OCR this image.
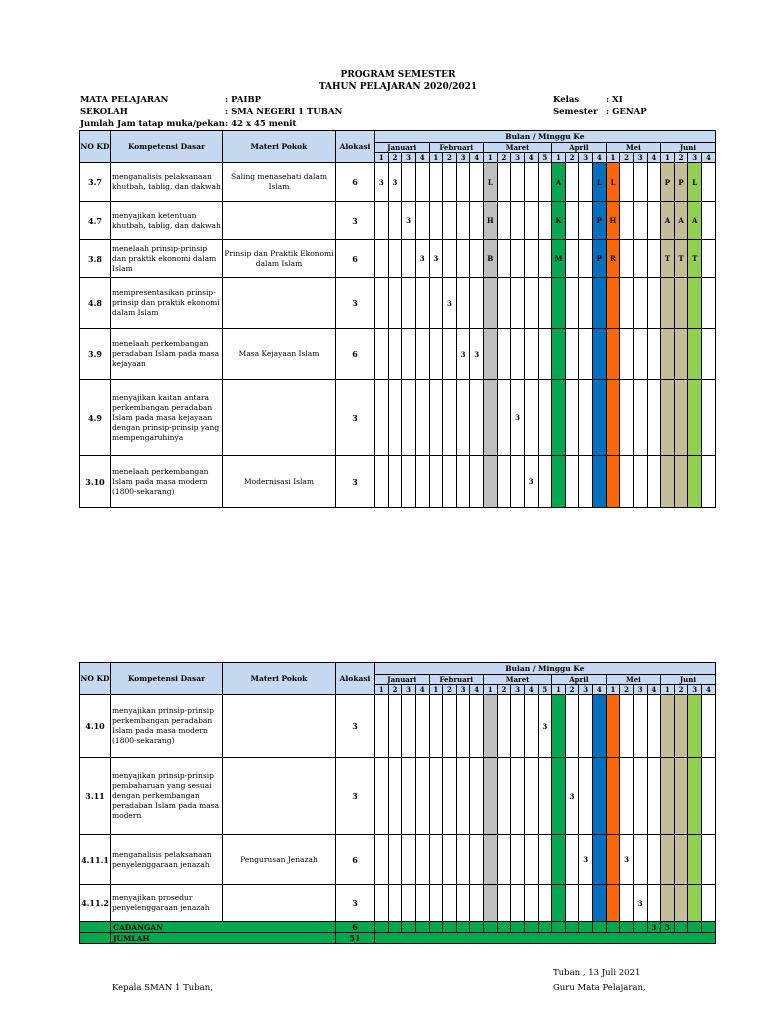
PROGRAM SEMESTER
TAHUN PELAJARAN 2020/2021
MATA PELAJARAN	: PAIBP
SEKOLAH	: SMA NEGERI 1 TUBAN
Jumlah Jam tatap muka/pekan : 42 x 45 menit
Kelas	: XI
Semester : GENAP
NO KD	Kompetensi Dasar	Materi Pokok	Alokasi	Bulan / Minggu Ke																								
				Januari				Februari				Maret					April				Mei				Juni			
				1	2	3	4	1	2	3	4	1	2	3	4	5	1	2	3	4	1	2	3	4	1	2	3	4
3.7	menganalisis pelaksanaan khutbah, tablig, dan dakwah	Saling menasehati dalam Islam	6	3	3							L					A			L	L				P	P	L	
4.7	menyajikan ketentuan khutbah, tablig, dan dakwah		3			3						H					K			P	H				A	A	A	
3.8	menelaah prinsip-prinsip dan praktik ekonomi dalam Islam	Prinsip dan Praktik Ekonomi dalam Islam	6				3	3				B					M			P	R				T	T	T	
4.8	mempresentasikan prinsip-prinsip dan praktik ekonomi dalam Islam		3						3																			
3.9	menelaah perkembangan peradaban Islam pada masa kejayaan	Masa Kejayaan Islam	6							3	3																	
4.9	menyajikan kaitan antara perkembangan peradaban Islam pada masa kejayaan dengan prinsip-prinsip yang mempengaruhinya		3											3														
3.10	menelaah perkembangan Islam pada masa modern (1800-sekarang)	Modernisasi Islam	3												3													
NO KD	Kompetensi Dasar	Materi Pokok	Alokasi	Bulan / Minggu Ke																								
				Januari				Februari				Maret					April				Mei				Juni			
				1	2	3	4	1	2	3	4	1	2	3	4	5	1	2	3	4	1	2	3	4	1	2	3	4
4.10	menyajikan prinsip-prinsip perkembangan peradaban Islam pada masa modern (1800-sekarang)		3													3												
3.11	menyajikan prinsip-prinsip pembaharuan yang sesuai dengan perkembangan peradaban Islam pada masa modern		3															3										
4.11.1	menganalisis pelaksanaan penyelenggaraan jenazah	Pengurusan Jenazah	6																3			3						
4.11.2	menyajikan prosedur penyelenggaraan jenazah		3																				3					
	CADANGAN		6																					3	3			
	JUMLAH		51																									
Tuban , 13 Juli 2021
Kepala SMAN 1 Tuban,	Guru Mata Pelajaran,
